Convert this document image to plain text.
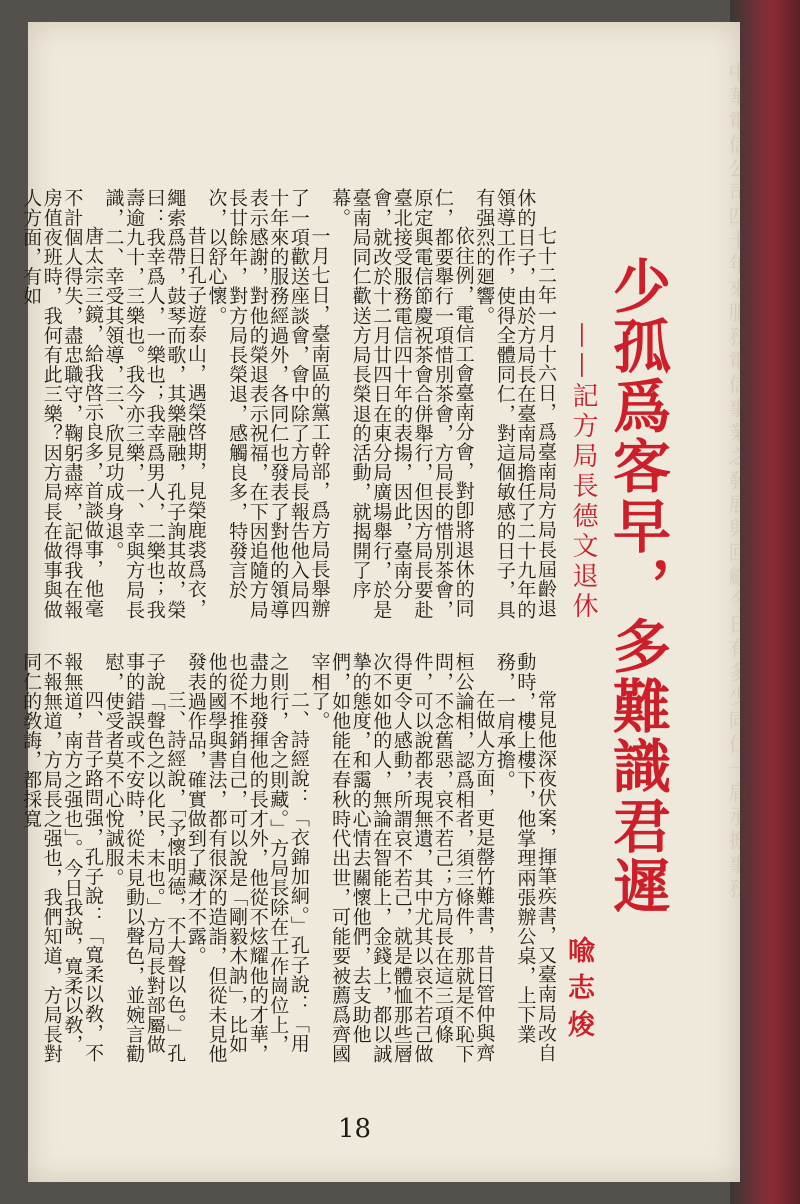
中華電信公司四十年來服務電信事業之發展與回顧今日有多少同仁一肩承擔事務
少孤爲客早，多難識君遲
——記方局長德文退休

七十二年一月十六日，爲臺南局方局長屆齡退休的日子，由於方局長在臺南局擔任了二十九年的領導工作，使得全體同仁，對這個敏感的日子，具有强烈的廻響。

依往例，電信工會臺南分會，對卽將退休的同仁，都要舉行一項惜別茶會，方局長的惜別茶會，原定與電信節慶祝茶會合併舉行，但因方局長要赴臺北接受服務電信四十年的表揚，因此，臺南分會，就改於十二月廿四日在東分局廣場舉行，於是臺南局同仁歡送方局長榮退的活動，就揭開了序幕。

一月七日，臺南區的黨工幹部，爲方局長舉辦了一項歡送座談會，會中除了方局長報告他入局四十年來的服務經過外，各同仁也發表了對他的領導表示感謝，對他的榮退表示祝福，在下因追隨方局長廿餘年，對方局長榮退，感觸良多，特發言於次，以舒心懷。

昔日孔子遊泰山，遇榮啓期，見榮鹿裘爲衣，繩索爲帶，鼓琴而歌，其樂融融，孔子詢其故，榮曰：我幸爲人，一樂也；我幸爲男人，二樂也；我壽逾九十，三樂也。我今亦三樂，一、幸與方局長識，二、幸受其領導，三、欣見功成身退。

唐太宗三鏡，給我啓示良多，首談做事，他毫不計個人得失，盡忠職守，鞠躬盡瘁，記得我在報房值夜班時，我何有此三樂？因方局長在做事與做人方面，有如

常見他深夜伏案，揮筆疾書，又臺南局改自動時，樓上樓下，他掌理兩張辦公桌，上下業務，一肩承擔。

在做人方面，更是罄竹難書，昔日管仲與齊桓公論相，認爲相者，須三條件，那就是不恥下問，不念舊惡，哀不若己；方局長在這三項條件，可以說都表現無遺，其中尤其以哀不若己做得更令人感動，所謂哀不若己，就是體恤那些層次不如他的人，無論在智能上，金錢上，都以誠摯的態度，和靄的心情去關懷他們，去支助他們，如他能在春秋時代出世，可能要被薦爲齊國宰相了。

二、詩經說：「衣錦加絅。」孔子說：「用之則行，舍之則藏。」方局長除在工作崗位上，盡力地發揮他的長才外，他從不炫耀他的才華，也從不推銷自己，可以說是「剛毅木訥」，比如他的國學與書法，都有很深的造詣，但從未見他發表過作品，確實做到了藏才不露。

三、詩經說，「予懷明德，不大聲以色。」孔子說「聲色之以化民，末也。」方局長對部屬做事的錯誤或不安時，從未見動以聲色，並婉言勸慰，使受者莫不心悅誠服。

四、昔子路問强，孔子說：「寬柔以敎，不報無道，南方之强也」。今日我說，寬柔以敎，不報無道，方局長之强也，我們知道，方局長對同仁的敎誨，都採寬

喩志焌
18
